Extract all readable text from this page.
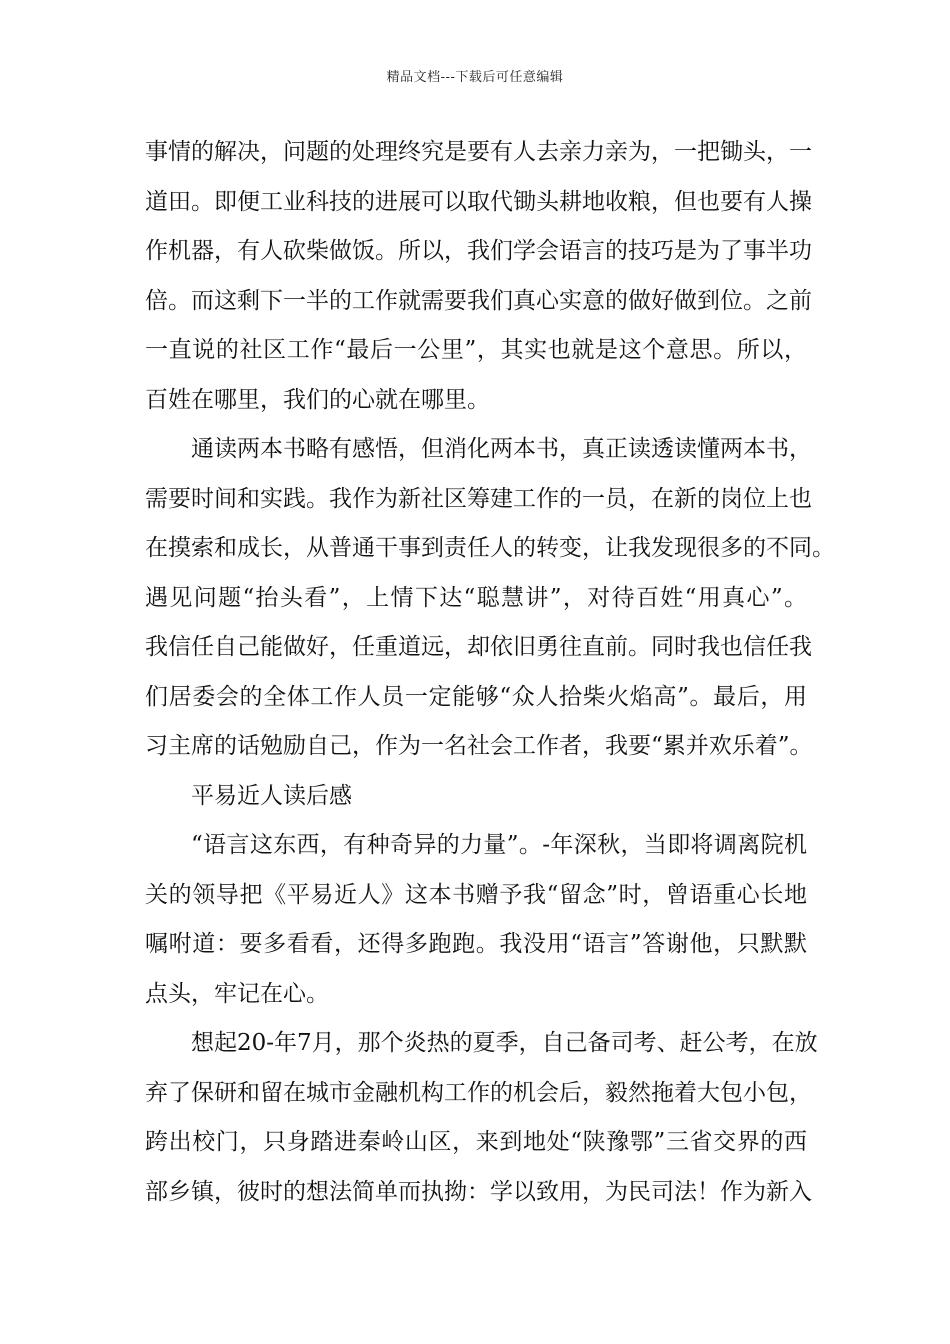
精品文档---下载后可任意编辑
事情的解决，问题的处理终究是要有人去亲力亲为，一把锄头，一
道田。即便工业科技的进展可以取代锄头耕地收粮，但也要有人操
作机器，有人砍柴做饭。所以，我们学会语言的技巧是为了事半功
倍。而这剩下一半的工作就需要我们真心实意的做好做到位。之前
一直说的社区工作“最后一公里”，其实也就是这个意思。所以，
百姓在哪里，我们的心就在哪里。
通读两本书略有感悟，但消化两本书，真正读透读懂两本书，
需要时间和实践。我作为新社区筹建工作的一员，在新的岗位上也
在摸索和成长，从普通干事到责任人的转变，让我发现很多的不同。
遇见问题“抬头看”，上情下达“聪慧讲”，对待百姓“用真心”。
我信任自己能做好，任重道远，却依旧勇往直前。同时我也信任我
们居委会的全体工作人员一定能够“众人拾柴火焰高”。最后，用
习主席的话勉励自己，作为一名社会工作者，我要“累并欢乐着”。
平易近人读后感
“语言这东西，有种奇异的力量”。-年深秋，当即将调离院机
关的领导把《平易近人》这本书赠予我“留念”时，曾语重心长地
嘱咐道：要多看看，还得多跑跑。我没用“语言”答谢他，只默默
点头，牢记在心。
想起20-年7月，那个炎热的夏季，自己备司考、赶公考，在放
弃了保研和留在城市金融机构工作的机会后，毅然拖着大包小包，
跨出校门，只身踏进秦岭山区，来到地处“陕豫鄂”三省交界的西
部乡镇，彼时的想法简单而执拗：学以致用，为民司法！作为新入
